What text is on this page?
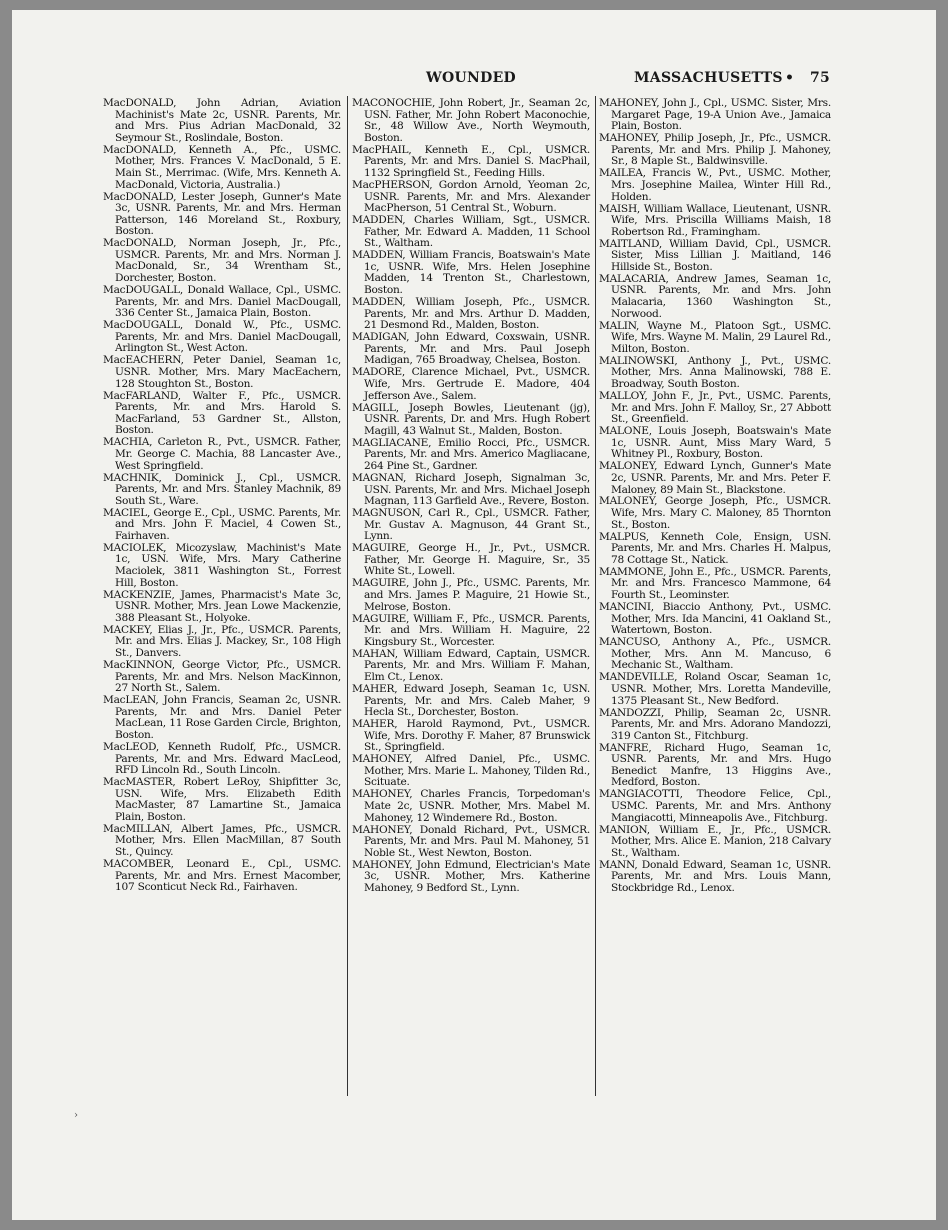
WOUNDED	MASSACHUSETTS • 75

MacDONALD, John Adrian, Aviation Machinist's Mate 2c, USNR. Parents, Mr. and Mrs. Pius Adrian MacDonald, 32 Seymour St., Roslindale, Boston.

MacDONALD, Kenneth A., Pfc., USMC. Mother, Mrs. Frances V. MacDonald, 5 E. Main St., Merrimac. (Wife, Mrs. Kenneth A. MacDonald, Victoria, Australia.)

MacDONALD, Lester Joseph, Gunner's Mate 3c, USNR. Parents, Mr. and Mrs. Herman Patterson, 146 Moreland St., Roxbury, Boston.

MacDONALD, Norman Joseph, Jr., Pfc., USMCR. Parents, Mr. and Mrs. Norman J. MacDonald, Sr., 34 Wrentham St., Dorchester, Boston.

MacDOUGALL, Donald Wallace, Cpl., USMC. Parents, Mr. and Mrs. Daniel MacDougall, 336 Center St., Jamaica Plain, Boston.

MacDOUGALL, Donald W., Pfc., USMC. Parents, Mr. and Mrs. Daniel MacDougall, Arlington St., West Acton.

MacEACHERN, Peter Daniel, Seaman 1c, USNR. Mother, Mrs. Mary MacEachern, 128 Stoughton St., Boston.

MacFARLAND, Walter F., Pfc., USMCR. Parents, Mr. and Mrs. Harold S. MacFarland, 53 Gardner St., Allston, Boston.

MACHIA, Carleton R., Pvt., USMCR. Father, Mr. George C. Machia, 88 Lancaster Ave., West Springfield.

MACHNIK, Dominick J., Cpl., USMCR. Parents, Mr. and Mrs. Stanley Machnik, 89 South St., Ware.

MACIEL, George E., Cpl., USMC. Parents, Mr. and Mrs. John F. Maciel, 4 Cowen St., Fairhaven.

MACIOLEK, Micozyslaw, Machinist's Mate 1c, USN. Wife, Mrs. Mary Catherine Maciolek, 3811 Washington St., Forrest Hill, Boston.

MACKENZIE, James, Pharmacist's Mate 3c, USNR. Mother, Mrs. Jean Lowe Mackenzie, 388 Pleasant St., Holyoke.

MACKEY, Elias J., Jr., Pfc., USMCR. Parents, Mr. and Mrs. Elias J. Mackey, Sr., 108 High St., Danvers.

MacKINNON, George Victor, Pfc., USMCR. Parents, Mr. and Mrs. Nelson MacKinnon, 27 North St., Salem.

MacLEAN, John Francis, Seaman 2c, USNR. Parents, Mr. and Mrs. Daniel Peter MacLean, 11 Rose Garden Circle, Brighton, Boston.

MacLEOD, Kenneth Rudolf, Pfc., USMCR. Parents, Mr. and Mrs. Edward MacLeod, RFD Lincoln Rd., South Lincoln.

MacMASTER, Robert LeRoy, Shipfitter 3c, USN. Wife, Mrs. Elizabeth Edith MacMaster, 87 Lamartine St., Jamaica Plain, Boston.

MacMILLAN, Albert James, Pfc., USMCR. Mother, Mrs. Ellen MacMillan, 87 South St., Quincy.

MACOMBER, Leonard E., Cpl., USMC. Parents, Mr. and Mrs. Ernest Macomber, 107 Sconticut Neck Rd., Fairhaven.

MACONOCHIE, John Robert, Jr., Seaman 2c, USN. Father, Mr. John Robert Maconochie, Sr., 48 Willow Ave., North Weymouth, Boston.

MacPHAIL, Kenneth E., Cpl., USMCR. Parents, Mr. and Mrs. Daniel S. MacPhail, 1132 Springfield St., Feeding Hills.

MacPHERSON, Gordon Arnold, Yeoman 2c, USNR. Parents, Mr. and Mrs. Alexander MacPherson, 51 Central St., Woburn.

MADDEN, Charles William, Sgt., USMCR. Father, Mr. Edward A. Madden, 11 School St., Waltham.

MADDEN, William Francis, Boatswain's Mate 1c, USNR. Wife, Mrs. Helen Josephine Madden, 14 Trenton St., Charlestown, Boston.

MADDEN, William Joseph, Pfc., USMCR. Parents, Mr. and Mrs. Arthur D. Madden, 21 Desmond Rd., Malden, Boston.

MADIGAN, John Edward, Coxswain, USNR. Parents, Mr. and Mrs. Paul Joseph Madigan, 765 Broadway, Chelsea, Boston.

MADORE, Clarence Michael, Pvt., USMCR. Wife, Mrs. Gertrude E. Madore, 404 Jefferson Ave., Salem.

MAGILL, Joseph Bowles, Lieutenant (jg), USNR. Parents, Dr. and Mrs. Hugh Robert Magill, 43 Walnut St., Malden, Boston.

MAGLIACANE, Emilio Rocci, Pfc., USMCR. Parents, Mr. and Mrs. Americo Magliacane, 264 Pine St., Gardner.

MAGNAN, Richard Joseph, Signalman 3c, USN. Parents, Mr. and Mrs. Michael Joseph Magnan, 113 Garfield Ave., Revere, Boston.

MAGNUSON, Carl R., Cpl., USMCR. Father, Mr. Gustav A. Magnuson, 44 Grant St., Lynn.

MAGUIRE, George H., Jr., Pvt., USMCR. Father, Mr. George H. Maguire, Sr., 35 White St., Lowell.

MAGUIRE, John J., Pfc., USMC. Parents, Mr. and Mrs. James P. Maguire, 21 Howie St., Melrose, Boston.

MAGUIRE, William F., Pfc., USMCR. Parents, Mr. and Mrs. William H. Maguire, 22 Kingsbury St., Worcester.

MAHAN, William Edward, Captain, USMCR. Parents, Mr. and Mrs. William F. Mahan, Elm Ct., Lenox.

MAHER, Edward Joseph, Seaman 1c, USN. Parents, Mr. and Mrs. Caleb Maher, 9 Hecla St., Dorchester, Boston.

MAHER, Harold Raymond, Pvt., USMCR. Wife, Mrs. Dorothy F. Maher, 87 Brunswick St., Springfield.

MAHONEY, Alfred Daniel, Pfc., USMC. Mother, Mrs. Marie L. Mahoney, Tilden Rd., Scituate.

MAHONEY, Charles Francis, Torpedoman's Mate 2c, USNR. Mother, Mrs. Mabel M. Mahoney, 12 Windemere Rd., Boston.

MAHONEY, Donald Richard, Pvt., USMCR. Parents, Mr. and Mrs. Paul M. Mahoney, 51 Noble St., West Newton, Boston.

MAHONEY, John Edmund, Electrician's Mate 3c, USNR. Mother, Mrs. Katherine Mahoney, 9 Bedford St., Lynn.

MAHONEY, John J., Cpl., USMC. Sister, Mrs. Margaret Page, 19-A Union Ave., Jamaica Plain, Boston.

MAHONEY, Philip Joseph, Jr., Pfc., USMCR. Parents, Mr. and Mrs. Philip J. Mahoney, Sr., 8 Maple St., Baldwinsville.

MAILEA, Francis W., Pvt., USMC. Mother, Mrs. Josephine Mailea, Winter Hill Rd., Holden.

MAISH, William Wallace, Lieutenant, USNR. Wife, Mrs. Priscilla Williams Maish, 18 Robertson Rd., Framingham.

MAITLAND, William David, Cpl., USMCR. Sister, Miss Lillian J. Maitland, 146 Hillside St., Boston.

MALACARIA, Andrew James, Seaman 1c, USNR. Parents, Mr. and Mrs. John Malacaria, 1360 Washington St., Norwood.

MALIN, Wayne M., Platoon Sgt., USMC. Wife, Mrs. Wayne M. Malin, 29 Laurel Rd., Milton, Boston.

MALINOWSKI, Anthony J., Pvt., USMC. Mother, Mrs. Anna Malinowski, 788 E. Broadway, South Boston.

MALLOY, John F., Jr., Pvt., USMC. Parents, Mr. and Mrs. John F. Malloy, Sr., 27 Abbott St., Greenfield.

MALONE, Louis Joseph, Boatswain's Mate 1c, USNR. Aunt, Miss Mary Ward, 5 Whitney Pl., Roxbury, Boston.

MALONEY, Edward Lynch, Gunner's Mate 2c, USNR. Parents, Mr. and Mrs. Peter F. Maloney, 89 Main St., Blackstone.

MALONEY, George Joseph, Pfc., USMCR. Wife, Mrs. Mary C. Maloney, 85 Thornton St., Boston.

MALPUS, Kenneth Cole, Ensign, USN. Parents, Mr. and Mrs. Charles H. Malpus, 78 Cottage St., Natick.

MAMMONE, John E., Pfc., USMCR. Parents, Mr. and Mrs. Francesco Mammone, 64 Fourth St., Leominster.

MANCINI, Biaccio Anthony, Pvt., USMC. Mother, Mrs. Ida Mancini, 41 Oakland St., Watertown, Boston.

MANCUSO, Anthony A., Pfc., USMCR. Mother, Mrs. Ann M. Mancuso, 6 Mechanic St., Waltham.

MANDEVILLE, Roland Oscar, Seaman 1c, USNR. Mother, Mrs. Loretta Mandeville, 1375 Pleasant St., New Bedford.

MANDOZZI, Philip, Seaman 2c, USNR. Parents, Mr. and Mrs. Adorano Mandozzi, 319 Canton St., Fitchburg.

MANFRE, Richard Hugo, Seaman 1c, USNR. Parents, Mr. and Mrs. Hugo Benedict Manfre, 13 Higgins Ave., Medford, Boston.

MANGIACOTTI, Theodore Felice, Cpl., USMC. Parents, Mr. and Mrs. Anthony Mangiacotti, Minneapolis Ave., Fitchburg.

MANION, William E., Jr., Pfc., USMCR. Mother, Mrs. Alice E. Manion, 218 Calvary St., Waltham.

MANN, Donald Edward, Seaman 1c, USNR. Parents, Mr. and Mrs. Louis Mann, Stockbridge Rd., Lenox.

›
